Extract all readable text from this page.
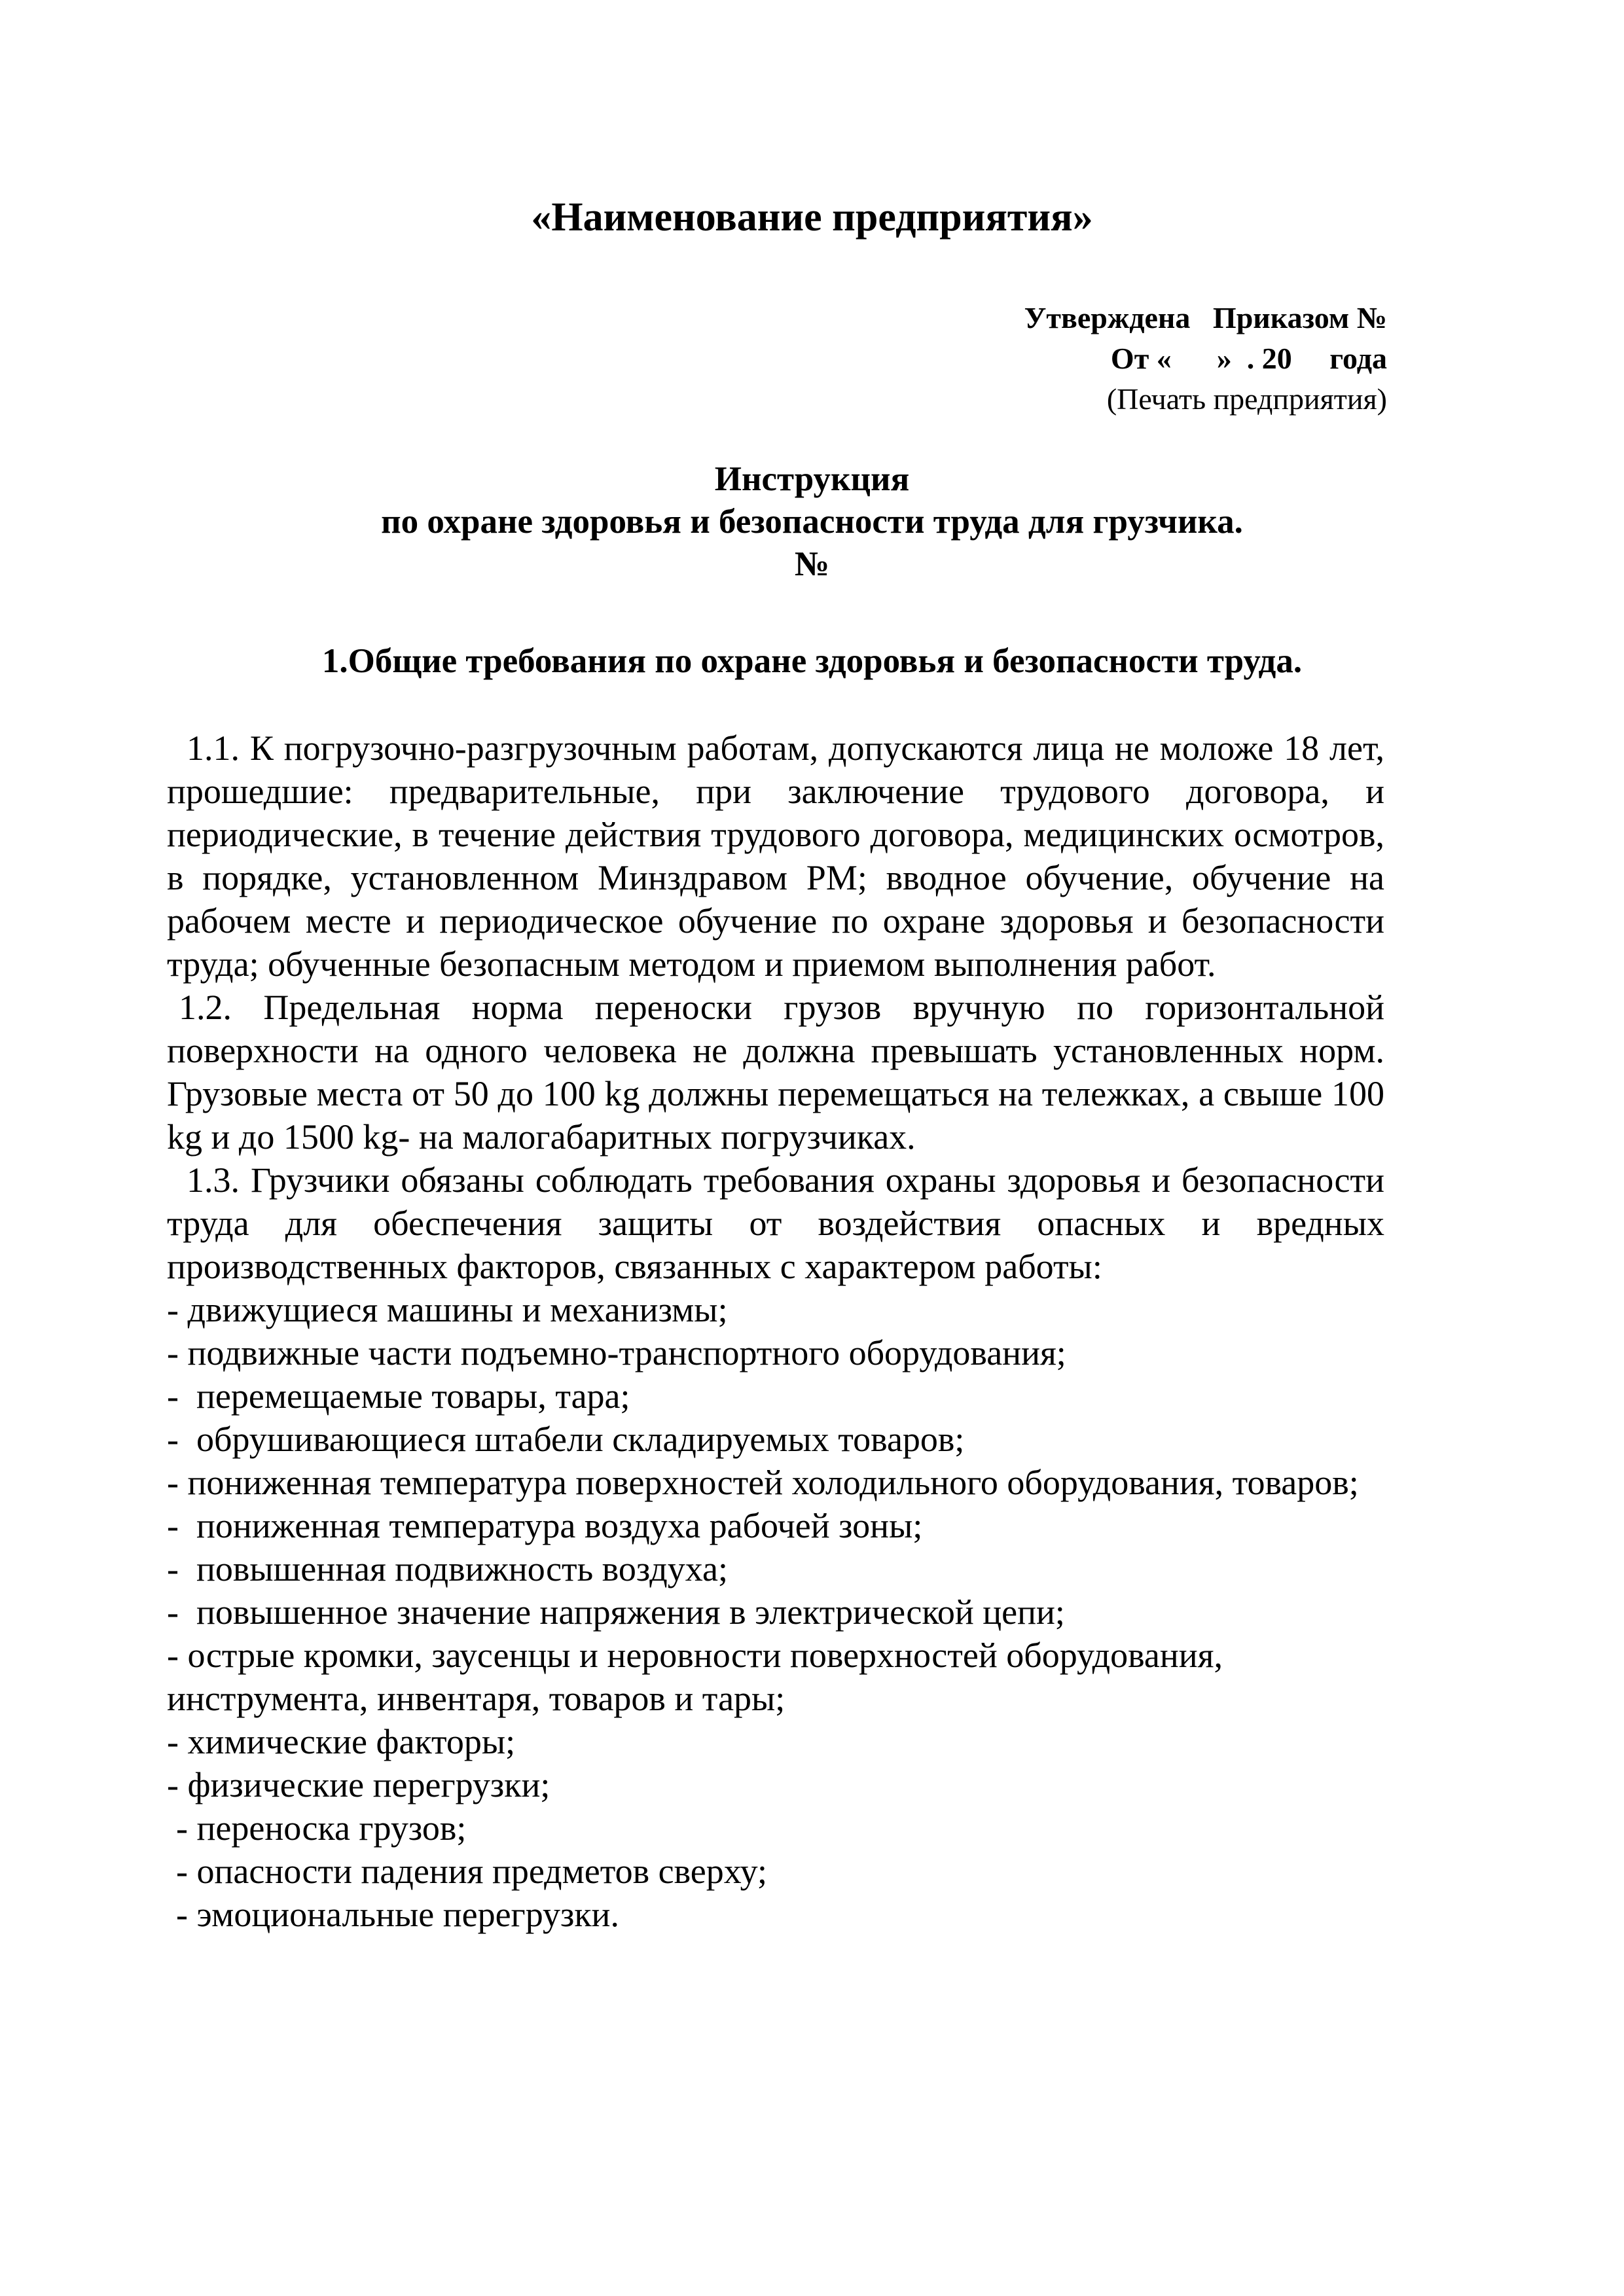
«Наименование предприятия»
Утверждена   Приказом №
От «      »  . 20     года
(Печать предприятия)
Инструкция
по охране здоровья и безопасности труда для грузчика.
№
1.Общие требования по охране здоровья и безопасности труда.
1.1. К погрузочно-разгрузочным работам, допускаются лица не моложе 18 лет, прошедшие: предварительные, при заключение трудового договора, и периодические, в течение действия трудового договора, медицинских осмотров, в порядке, установленном Минздравом РМ; вводное обучение, обучение на рабочем месте и периодическое обучение по охране здоровья и безопасности труда; обученные безопасным методом и приемом выполнения работ.
1.2. Предельная норма переноски грузов вручную по горизонтальной поверхности на одного человека не должна превышать установленных норм. Грузовые места от 50 до 100 kg должны перемещаться на тележках, а свыше 100 kg и до 1500 kg- на малогабаритных погрузчиках.
1.3. Грузчики обязаны соблюдать требования охраны здоровья и безопасности труда для обеспечения защиты от воздействия опасных и вредных производственных факторов, связанных с характером работы:
- движущиеся машины и механизмы;
- подвижные части подъемно-транспортного оборудования;
-  перемещаемые товары, тара;
-  обрушивающиеся штабели складируемых товаров;
- пониженная температура поверхностей холодильного оборудования, товаров;
-  пониженная температура воздуха рабочей зоны;
-  повышенная подвижность воздуха;
-  повышенное значение напряжения в электрической цепи;
- острые кромки, заусенцы и неровности поверхностей оборудования, инструмента, инвентаря, товаров и тары;
- химические факторы;
- физические перегрузки;
- переноска грузов;
- опасности падения предметов сверху;
- эмоциональные перегрузки.
